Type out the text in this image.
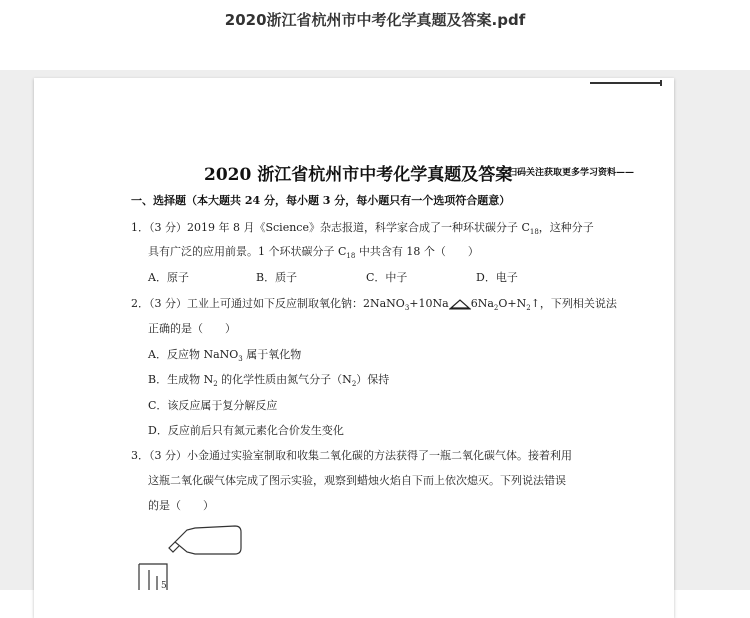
2020浙江省杭州市中考化学真题及答案.pdf
2020 浙江省杭州市中考化学真题及答案
扫码关注获取更多学习资料——
一、选择题（本大题共 24 分，每小题 3 分，每小题只有一个选项符合题意）
1．（3 分）2019 年 8 月《Science》杂志报道，科学家合成了一种环状碳分子 $C_{18}$，这种分子
具有广泛的应用前景。1 个环状碳分子 $C_{18}$ 中共含有 18 个（　　）
A．原子	B．质子	C．中子	D．电子
2．（3 分）工业上可通过如下反应制取氧化钠：2NaNO$_3$+10Na $6Na_2O+N_2↑$，下列相关说法
正确的是（　　）
A．反应物 NaNO$_3$ 属于氧化物
B．生成物 $N_2$ 的化学性质由氮气分子$(N_2)$保持
C．该反应属于复分解反应
D．反应前后只有氮元素化合价发生变化
3．（3 分）小金通过实验室制取和收集二氧化碳的方法获得了一瓶二氧化碳气体。接着利用
这瓶二氧化碳气体完成了图示实验，观察到蜡烛火焰自下而上依次熄灭。下列说法错误
的是（　　）
5
